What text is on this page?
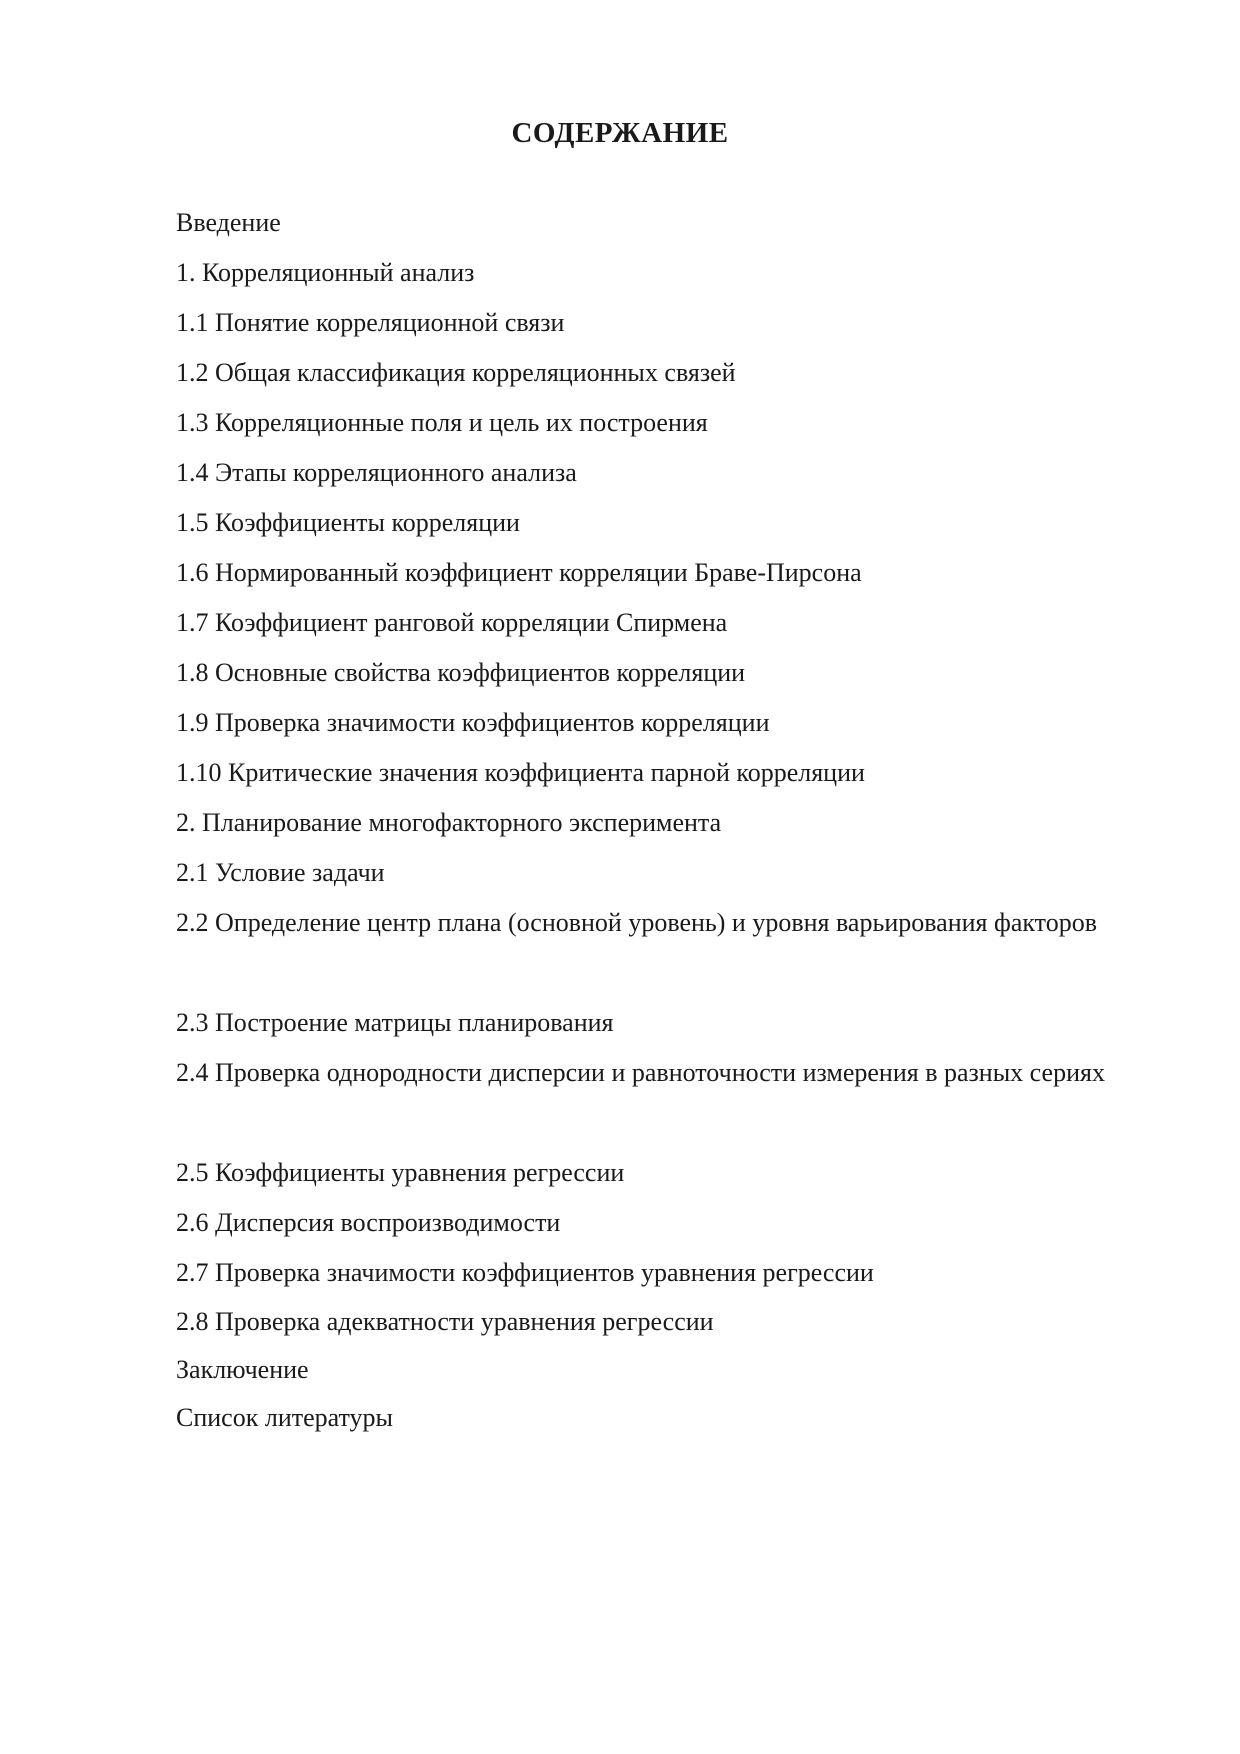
СОДЕРЖАНИЕ
Введение
1. Корреляционный анализ
1.1 Понятие корреляционной связи
1.2 Общая классификация корреляционных связей
1.3 Корреляционные поля и цель их построения
1.4 Этапы корреляционного анализа
1.5 Коэффициенты корреляции
1.6 Нормированный коэффициент корреляции Браве-Пирсона
1.7 Коэффициент ранговой корреляции Спирмена
1.8 Основные свойства коэффициентов корреляции
1.9 Проверка значимости коэффициентов корреляции
1.10 Критические значения коэффициента парной корреляции
2. Планирование многофакторного эксперимента
2.1 Условие задачи
2.2 Определение центр плана (основной уровень) и уровня варьирования факторов
2.3 Построение матрицы планирования
2.4 Проверка однородности дисперсии и равноточности измерения в разных сериях
2.5 Коэффициенты уравнения регрессии
2.6 Дисперсия воспроизводимости
2.7 Проверка значимости коэффициентов уравнения регрессии
2.8 Проверка адекватности уравнения регрессии
Заключение
Список литературы
